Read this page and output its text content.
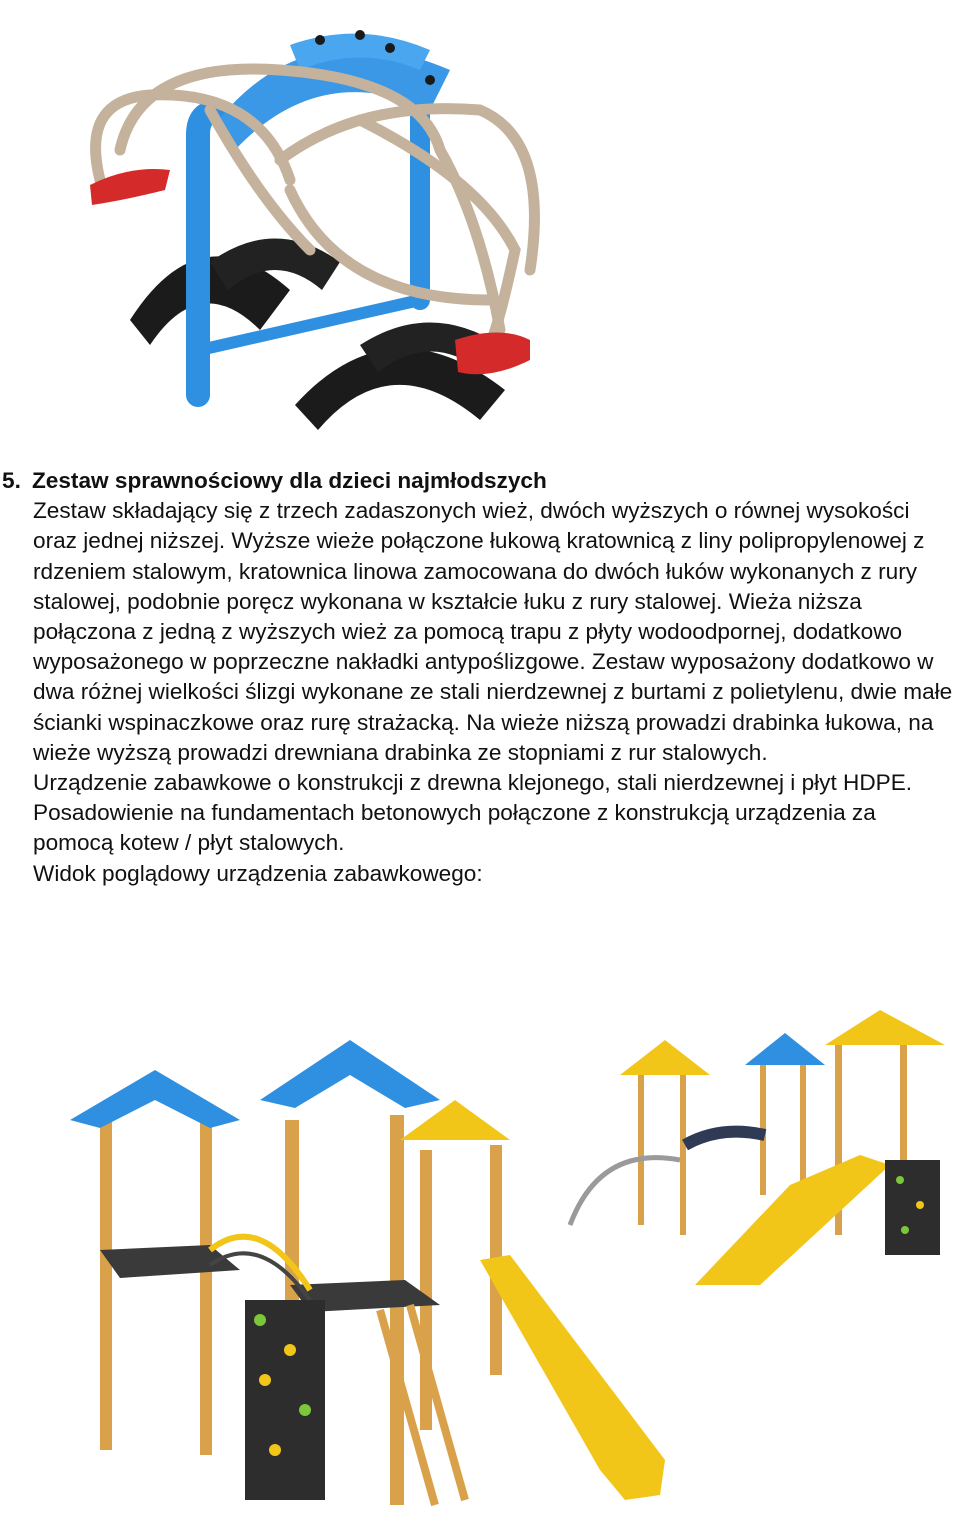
5. Zestaw sprawnościowy dla dzieci najmłodszych

Zestaw składający się z trzech zadaszonych wież, dwóch wyższych o równej wysokości oraz jednej niższej. Wyższe wieże połączone łukową kratownicą z liny polipropylenowej z rdzeniem stalowym, kratownica linowa zamocowana do dwóch łuków wykonanych z rury stalowej, podobnie poręcz wykonana w kształcie łuku z rury stalowej. Wieża niższa połączona z jedną z wyższych wież za pomocą trapu z płyty wodoodpornej, dodatkowo wyposażonego w poprzeczne nakładki antypoślizgowe. Zestaw wyposażony dodatkowo w dwa różnej wielkości ślizgi wykonane ze stali nierdzewnej z burtami z polietylenu, dwie małe ścianki wspinaczkowe oraz rurę strażacką. Na wieże niższą prowadzi drabinka łukowa, na wieże wyższą prowadzi drewniana drabinka ze stopniami z rur stalowych.

Urządzenie zabawkowe o konstrukcji z drewna klejonego, stali nierdzewnej i płyt HDPE.

Posadowienie na fundamentach betonowych połączone z konstrukcją urządzenia za pomocą kotew / płyt stalowych.

Widok poglądowy urządzenia zabawkowego:
